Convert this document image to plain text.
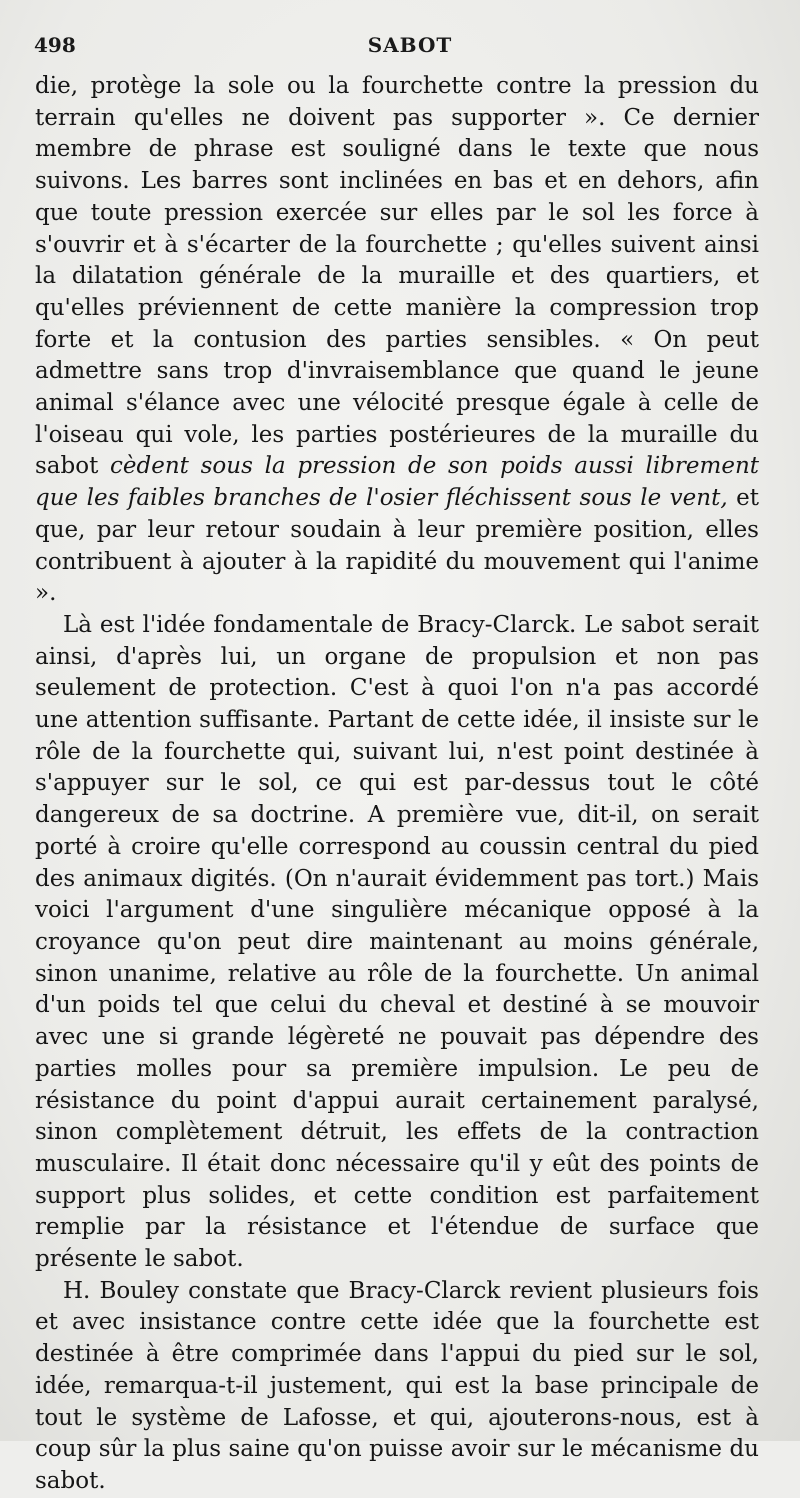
498	SABOT

die, protège la sole ou la fourchette contre la pression du terrain qu'elles ne doivent pas supporter ». Ce dernier membre de phrase est souligné dans le texte que nous suivons. Les barres sont inclinées en bas et en dehors, afin que toute pression exercée sur elles par le sol les force à s'ouvrir et à s'écarter de la fourchette ; qu'elles suivent ainsi la dilatation générale de la muraille et des quartiers, et qu'elles préviennent de cette manière la compression trop forte et la contusion des parties sensibles. « On peut admettre sans trop d'invraisemblance que quand le jeune animal s'élance avec une vélocité presque égale à celle de l'oiseau qui vole, les parties postérieures de la muraille du sabot cèdent sous la pression de son poids aussi librement que les faibles branches de l'osier fléchissent sous le vent, et que, par leur retour soudain à leur première position, elles contribuent à ajouter à la rapidité du mouvement qui l'anime ».

Là est l'idée fondamentale de Bracy-Clarck. Le sabot serait ainsi, d'après lui, un organe de propulsion et non pas seulement de protection. C'est à quoi l'on n'a pas accordé une attention suffisante. Partant de cette idée, il insiste sur le rôle de la fourchette qui, suivant lui, n'est point destinée à s'appuyer sur le sol, ce qui est par-dessus tout le côté dangereux de sa doctrine. A première vue, dit-il, on serait porté à croire qu'elle correspond au coussin central du pied des animaux digités. (On n'aurait évidemment pas tort.) Mais voici l'argument d'une singulière mécanique opposé à la croyance qu'on peut dire maintenant au moins générale, sinon unanime, relative au rôle de la fourchette. Un animal d'un poids tel que celui du cheval et destiné à se mouvoir avec une si grande légèreté ne pouvait pas dépendre des parties molles pour sa première impulsion. Le peu de résistance du point d'appui aurait certainement paralysé, sinon complètement détruit, les effets de la contraction musculaire. Il était donc nécessaire qu'il y eût des points de support plus solides, et cette condition est parfaitement remplie par la résistance et l'étendue de surface que présente le sabot.

H. Bouley constate que Bracy-Clarck revient plusieurs fois et avec insistance contre cette idée que la fourchette est destinée à être comprimée dans l'appui du pied sur le sol, idée, remarqua-t-il justement, qui est la base principale de tout le système de Lafosse, et qui, ajouterons-nous, est à coup sûr la plus saine qu'on puisse avoir sur le mécanisme du sabot.
